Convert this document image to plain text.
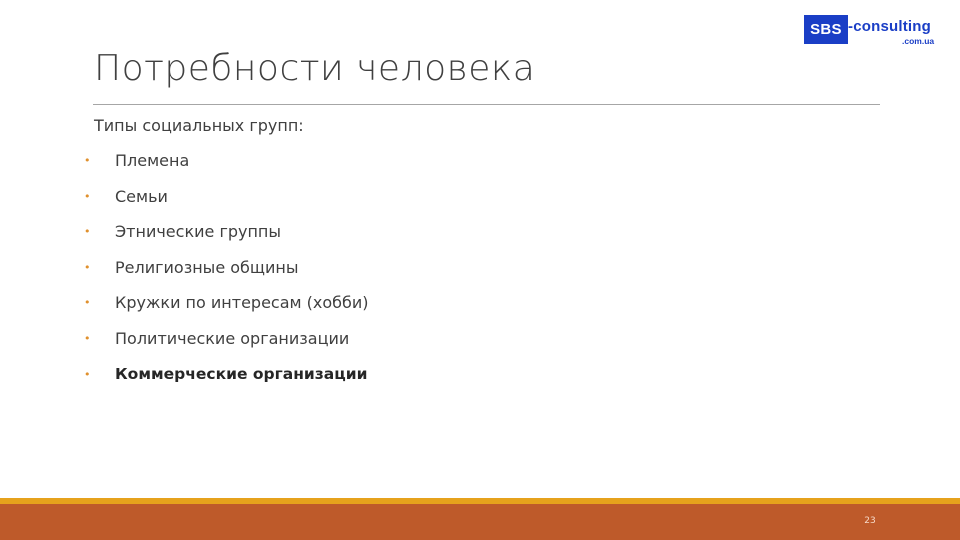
SBS -consulting
.com.ua
Потребности человека
Типы социальных групп:
• Племена
• Семьи
• Этнические группы
• Религиозные общины
• Кружки по интересам (хобби)
• Политические организации
• Коммерческие организации
23
